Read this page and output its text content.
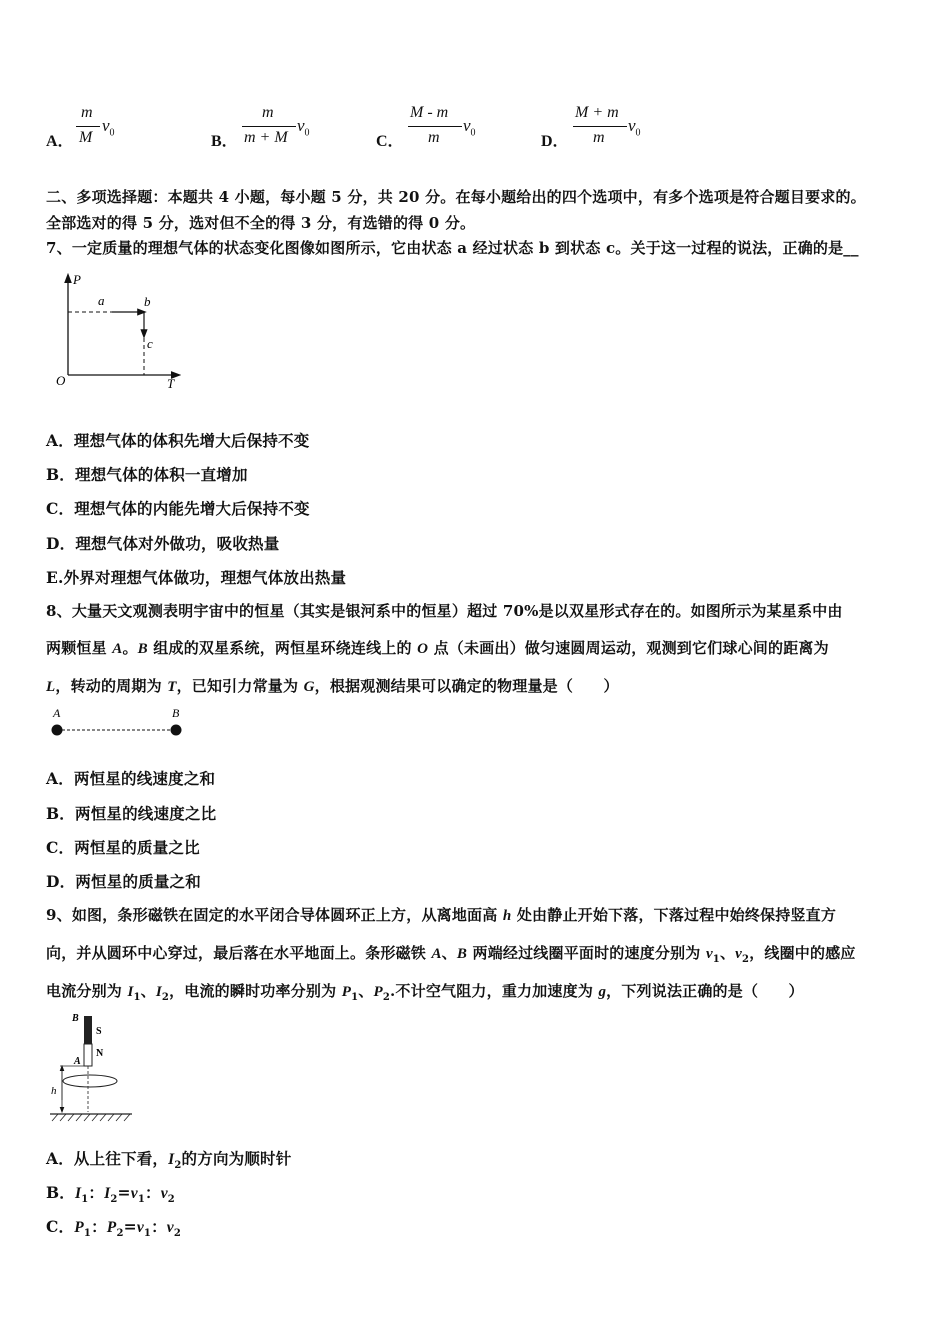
A．
m
M
$v_0$
B．
m
m + M
$v_0$
C．
M - m
m
$v_0$
D．
M + m
m
$v_0$
二、多项选择题：本题共 4 小题，每小题 5 分，共 20 分。在每小题给出的四个选项中，有多个选项是符合题目要求的。
全部选对的得 5 分，选对但不全的得 3 分，有选错的得 0 分。
7、一定质量的理想气体的状态变化图像如图所示，它由状态 a 经过状态 b 到状态 c。关于这一过程的说法，正确的是__
P
T
O
a	b
c
A．理想气体的体积先增大后保持不变
B．理想气体的体积一直增加
C．理想气体的内能先增大后保持不变
D．理想气体对外做功，吸收热量
E.外界对理想气体做功，理想气体放出热量
8、大量天文观测表明宇宙中的恒星（其实是银河系中的恒星）超过 70%是以双星形式存在的。如图所示为某星系中由
两颗恒星 A。B 组成的双星系统，两恒星环绕连线上的 O 点（未画出）做匀速圆周运动，观测到它们球心间的距离为
L，转动的周期为 T，已知引力常量为 G，根据观测结果可以确定的物理量是（　　）
A	B
A．两恒星的线速度之和
B．两恒星的线速度之比
C．两恒星的质量之比
D．两恒星的质量之和
9、如图，条形磁铁在固定的水平闭合导体圆环正上方，从离地面高 h 处由静止开始下落，下落过程中始终保持竖直方
向，并从圆环中心穿过，最后落在水平地面上。条形磁铁 A、B 两端经过线圈平面时的速度分别为 $v_1$、$v_2$，线圈中的感应
电流分别为 $I_1$、$I_2$，电流的瞬时功率分别为 $P_1$、$P_2$.不计空气阻力，重力加速度为 g，下列说法正确的是（　　）
B
S
N
A
h
A．从上往下看，$I_2$的方向为顺时针
B．$I_1$：$I_2=v_1$：$v_2$
C．$P_1$：$P_2=v_1$：$v_2$
